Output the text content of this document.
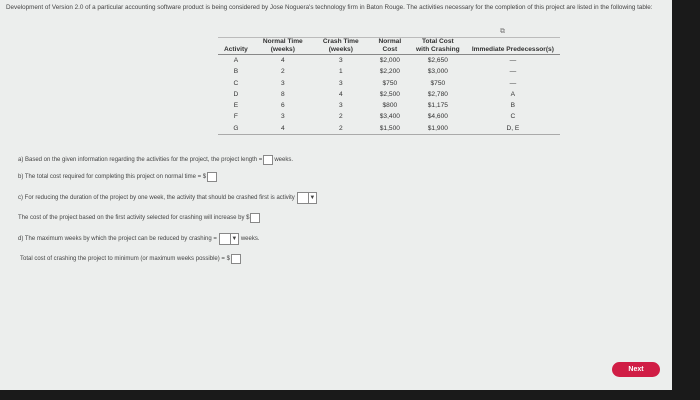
Development of Version 2.0 of a particular accounting software product is being considered by Jose Noguera's technology firm in Baton Rouge. The activities necessary for the completion of this project are listed in the following table:
⧉
Activity	Normal Time (weeks)	Crash Time (weeks)	Normal Cost	Total Cost with Crashing	Immediate Predecessor(s)
A	4	3	$2,000	$2,650	—
B	2	1	$2,200	$3,000	—
C	3	3	$750	$750	—
D	8	4	$2,500	$2,780	A
E	6	3	$800	$1,175	B
F	3	2	$3,400	$4,600	C
G	4	2	$1,500	$1,900	D, E
a) Based on the given information regarding the activities for the project, the project length = weeks.
b) The total cost required for completing this project on normal time = $
c) For reducing the duration of the project by one week, the activity that should be crashed first is activity ▼
The cost of the project based on the first activity selected for crashing will increase by $
d) The maximum weeks by which the project can be reduced by crashing = ▼ weeks.
Total cost of crashing the project to minimum (or maximum weeks possible) = $
Next
